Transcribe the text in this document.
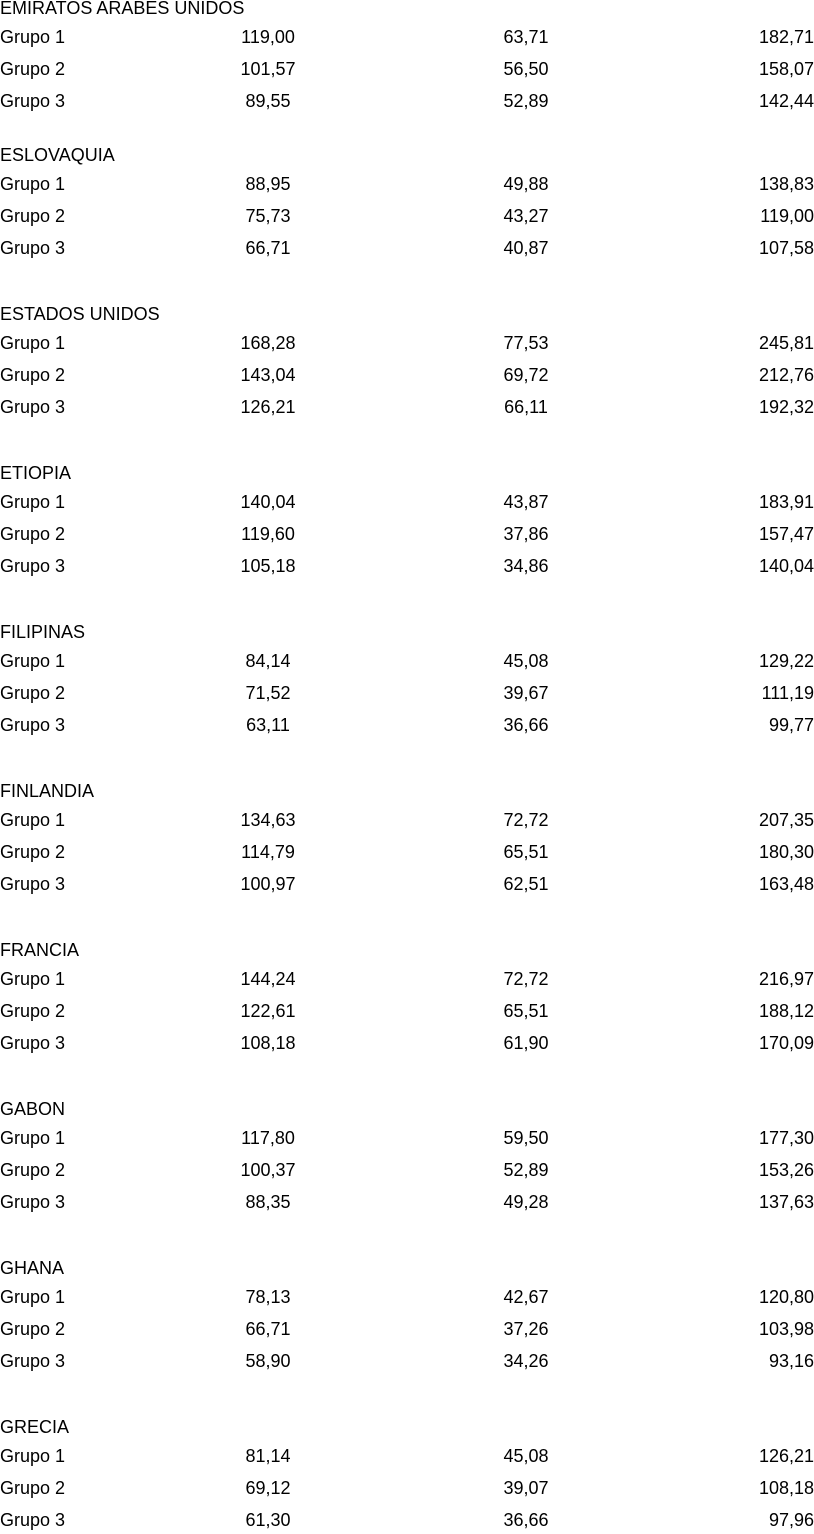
EMIRATOS ARABES UNIDOS
Grupo 1	119,00	63,71	182,71
Grupo 2	101,57	56,50	158,07
Grupo 3	89,55	52,89	142,44
ESLOVAQUIA
Grupo 1	88,95	49,88	138,83
Grupo 2	75,73	43,27	119,00
Grupo 3	66,71	40,87	107,58
ESTADOS UNIDOS
Grupo 1	168,28	77,53	245,81
Grupo 2	143,04	69,72	212,76
Grupo 3	126,21	66,11	192,32
ETIOPIA
Grupo 1	140,04	43,87	183,91
Grupo 2	119,60	37,86	157,47
Grupo 3	105,18	34,86	140,04
FILIPINAS
Grupo 1	84,14	45,08	129,22
Grupo 2	71,52	39,67	111,19
Grupo 3	63,11	36,66	99,77
FINLANDIA
Grupo 1	134,63	72,72	207,35
Grupo 2	114,79	65,51	180,30
Grupo 3	100,97	62,51	163,48
FRANCIA
Grupo 1	144,24	72,72	216,97
Grupo 2	122,61	65,51	188,12
Grupo 3	108,18	61,90	170,09
GABON
Grupo 1	117,80	59,50	177,30
Grupo 2	100,37	52,89	153,26
Grupo 3	88,35	49,28	137,63
GHANA
Grupo 1	78,13	42,67	120,80
Grupo 2	66,71	37,26	103,98
Grupo 3	58,90	34,26	93,16
GRECIA
Grupo 1	81,14	45,08	126,21
Grupo 2	69,12	39,07	108,18
Grupo 3	61,30	36,66	97,96
